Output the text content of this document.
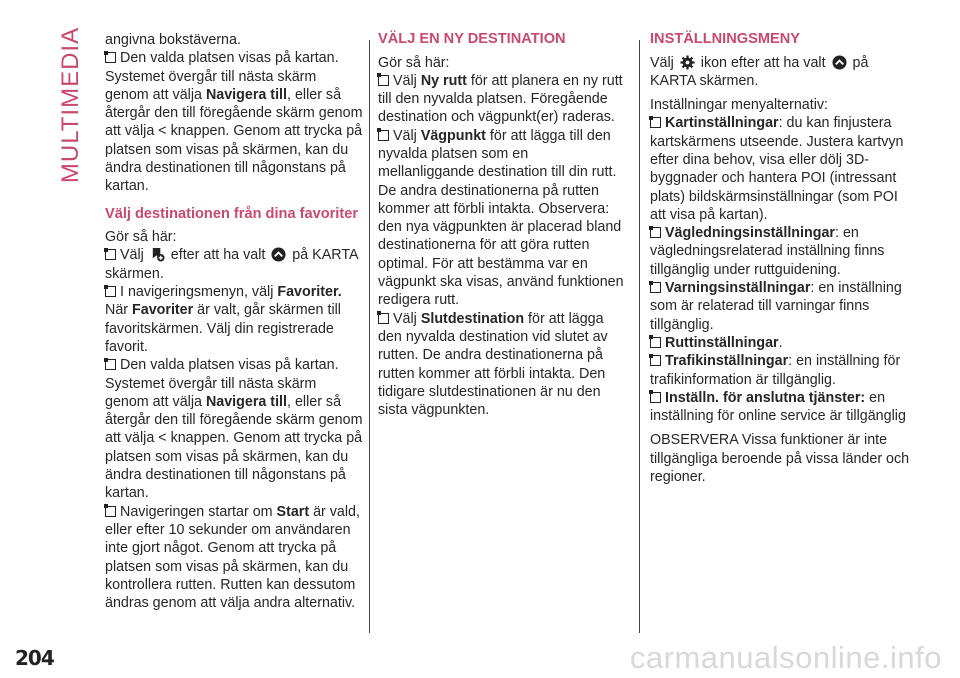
MULTIMEDIA angivna bokstäverna.

Den valda platsen visas på kartan. Systemet övergår till nästa skärm genom att välja Navigera till, eller så återgår den till föregående skärm genom att välja < knappen. Genom att trycka på platsen som visas på skärmen, kan du ändra destinationen till någonstans på kartan.

Välj destinationen från dina favoriter

Gör så här:

Välj  efter att ha valt  på KARTA skärmen.

I navigeringsmenyn, välj Favoriter.
När Favoriter är valt, går skärmen till favoritskärmen. Välj din registrerade favorit.

Den valda platsen visas på kartan. Systemet övergår till nästa skärm genom att välja Navigera till, eller så återgår den till föregående skärm genom att välja < knappen. Genom att trycka på platsen som visas på skärmen, kan du ändra destinationen till någonstans på kartan.

Navigeringen startar om Start är vald, eller efter 10 sekunder om användaren inte gjort något. Genom att trycka på platsen som visas på skärmen, kan du kontrollera rutten. Rutten kan dessutom ändras genom att välja andra alternativ.

VÄLJ EN NY DESTINATION

Gör så här:

Välj Ny rutt för att planera en ny rutt till den nyvalda platsen. Föregående destination och vägpunkt(er) raderas.

Välj Vägpunkt för att lägga till den nyvalda platsen som en mellanliggande destination till din rutt. De andra destinationerna på rutten kommer att förbli intakta. Observera: den nya vägpunkten är placerad bland destinationerna för att göra rutten optimal. För att bestämma var en vägpunkt ska visas, använd funktionen redigera rutt.

Välj Slutdestination för att lägga den nyvalda destination vid slutet av rutten. De andra destinationerna på rutten kommer att förbli intakta. Den tidigare slutdestinationen är nu den sista vägpunkten.

INSTÄLLNINGSMENY

Välj  ikon efter att ha valt  på KARTA skärmen.

Inställningar menyalternativ:

Kartinställningar: du kan finjustera kartskärmens utseende. Justera kartvyn efter dina behov, visa eller dölj 3D-byggnader och hantera POI (intressant plats) bildskärmsinställningar (som POI att visa på kartan).

Vägledningsinställningar: en vägledningsrelaterad inställning finns tillgänglig under ruttguidening.

Varningsinställningar: en inställning som är relaterad till varningar finns tillgänglig.

Ruttinställningar.

Trafikinställningar: en inställning för trafikinformation är tillgänglig.

Inställn. för anslutna tjänster: en inställning för online service är tillgänglig

OBSERVERA Vissa funktioner är inte tillgängliga beroende på vissa länder och regioner.

204	carmanualsonline.info
